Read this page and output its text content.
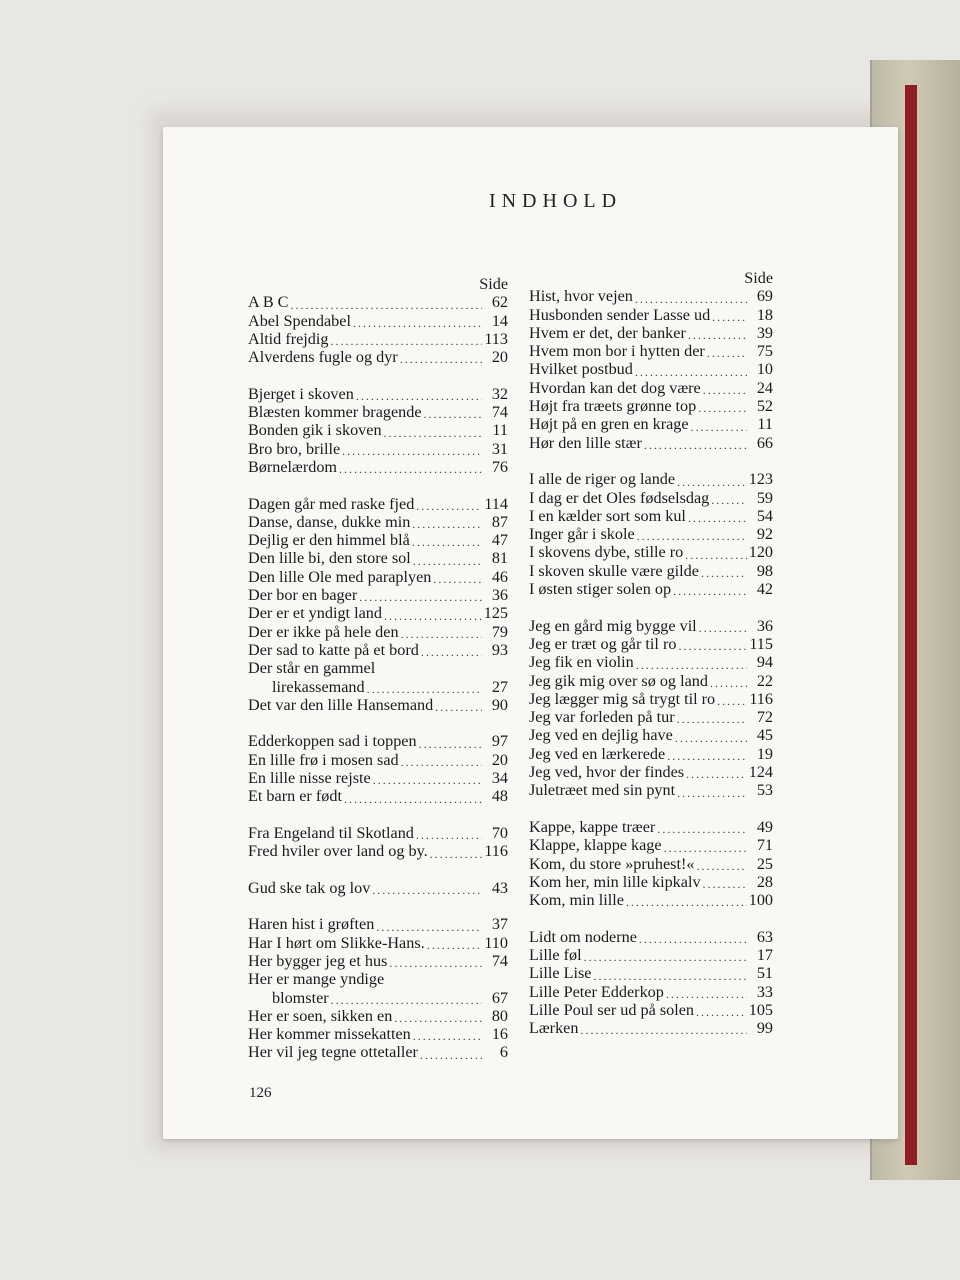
INDHOLD
Side
A B C .....	62
Abel Spendabel .....	14
Altid frejdig .....	113
Alverdens fugle og dyr .....	20
Bjerget i skoven .....	32
Blæsten kommer bragende .....	74
Bonden gik i skoven .....	11
Bro bro, brille .....	31
Børnelærdom .....	76
Dagen går med raske fjed .....	114
Danse, danse, dukke min .....	87
Dejlig er den himmel blå .....	47
Den lille bi, den store sol .....	81
Den lille Ole med paraplyen .....	46
Der bor en bager .....	36
Der er et yndigt land .....	125
Der er ikke på hele den .....	79
Der sad to katte på et bord .....	93
Der står en gammel
lirekassemand .....	27
Det var den lille Hansemand .....	90
Edderkoppen sad i toppen .....	97
En lille frø i mosen sad .....	20
En lille nisse rejste .....	34
Et barn er født .....	48
Fra Engeland til Skotland .....	70
Fred hviler over land og by. .....	116
Gud ske tak og lov .....	43
Haren hist i grøften .....	37
Har I hørt om Slikke-Hans. .....	110
Her bygger jeg et hus .....	74
Her er mange yndige
blomster .....	67
Her er soen, sikken en .....	80
Her kommer missekatten .....	16
Her vil jeg tegne ottetaller .....	6
Side
Hist, hvor vejen .....	69
Husbonden sender Lasse ud .....	18
Hvem er det, der banker .....	39
Hvem mon bor i hytten der .....	75
Hvilket postbud .....	10
Hvordan kan det dog være .....	24
Højt fra træets grønne top .....	52
Højt på en gren en krage .....	11
Hør den lille stær .....	66
I alle de riger og lande .....	123
I dag er det Oles fødselsdag .....	59
I en kælder sort som kul .....	54
Inger går i skole .....	92
I skovens dybe, stille ro .....	120
I skoven skulle være gilde .....	98
I østen stiger solen op .....	42
Jeg en gård mig bygge vil .....	36
Jeg er træt og går til ro .....	115
Jeg fik en violin .....	94
Jeg gik mig over sø og land .....	22
Jeg lægger mig så trygt til ro ..... 116
Jeg var forleden på tur .....	72
Jeg ved en dejlig have .....	45
Jeg ved en lærkerede .....	19
Jeg ved, hvor der findes .....	124
Juletræet med sin pynt .....	53
Kappe, kappe træer .....	49
Klappe, klappe kage .....	71
Kom, du store »pruhest!« .....	25
Kom her, min lille kipkalv .....	28
Kom, min lille .....	100
Lidt om noderne .....	63
Lille føl .....	17
Lille Lise .....	51
Lille Peter Edderkop .....	33
Lille Poul ser ud på solen .....	105
Lærken .....	99
126
